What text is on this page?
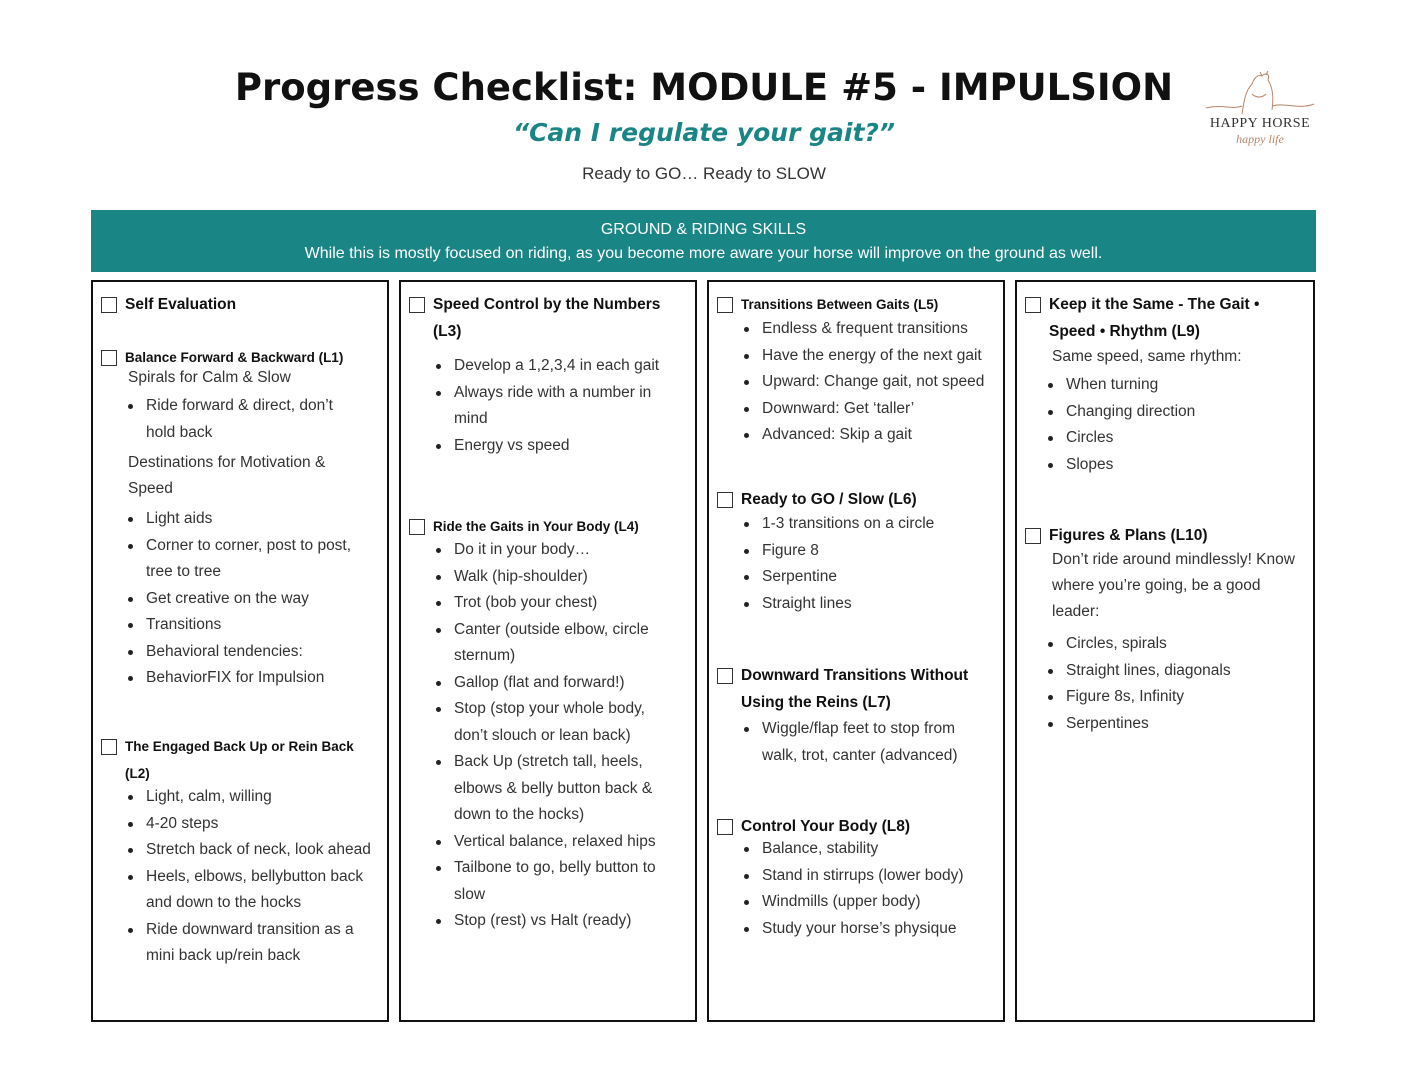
Progress Checklist: MODULE #5 - IMPULSION
“Can I regulate your gait?”
Ready to GO… Ready to SLOW
HAPPY HORSE
happy life
GROUND & RIDING SKILLS
While this is mostly focused on riding, as you become more aware your horse will improve on the ground as well.
Self Evaluation
Balance Forward & Backward (L1)
Spirals for Calm & Slow
Ride forward & direct, don’t hold back
Destinations for Motivation & Speed
Light aids
Corner to corner, post to post, tree to tree
Get creative on the way
Transitions
Behavioral tendencies:
BehaviorFIX for Impulsion
The Engaged Back Up or Rein Back (L2)
Light, calm, willing
4-20 steps
Stretch back of neck, look ahead
Heels, elbows, bellybutton back and down to the hocks
Ride downward transition as a mini back up/rein back
Speed Control by the Numbers (L3)
Develop a 1,2,3,4 in each gait
Always ride with a number in mind
Energy vs speed
Ride the Gaits in Your Body (L4)
Do it in your body…
Walk (hip-shoulder)
Trot (bob your chest)
Canter (outside elbow, circle sternum)
Gallop (flat and forward!)
Stop (stop your whole body, don’t slouch or lean back)
Back Up (stretch tall, heels, elbows & belly button back & down to the hocks)
Vertical balance, relaxed hips
Tailbone to go, belly button to slow
Stop (rest) vs Halt (ready)
Transitions Between Gaits (L5)
Endless & frequent transitions
Have the energy of the next gait
Upward: Change gait, not speed
Downward: Get ‘taller’
Advanced: Skip a gait
Ready to GO / Slow (L6)
1-3 transitions on a circle
Figure 8
Serpentine
Straight lines
Downward Transitions Without Using the Reins (L7)
Wiggle/flap feet to stop from walk, trot, canter (advanced)
Control Your Body (L8)
Balance, stability
Stand in stirrups (lower body)
Windmills (upper body)
Study your horse’s physique
Keep it the Same - The Gait • Speed • Rhythm (L9)
Same speed, same rhythm:
When turning
Changing direction
Circles
Slopes
Figures & Plans (L10)
Don’t ride around mindlessly! Know where you’re going, be a good leader:
Circles, spirals
Straight lines, diagonals
Figure 8s, Infinity
Serpentines
